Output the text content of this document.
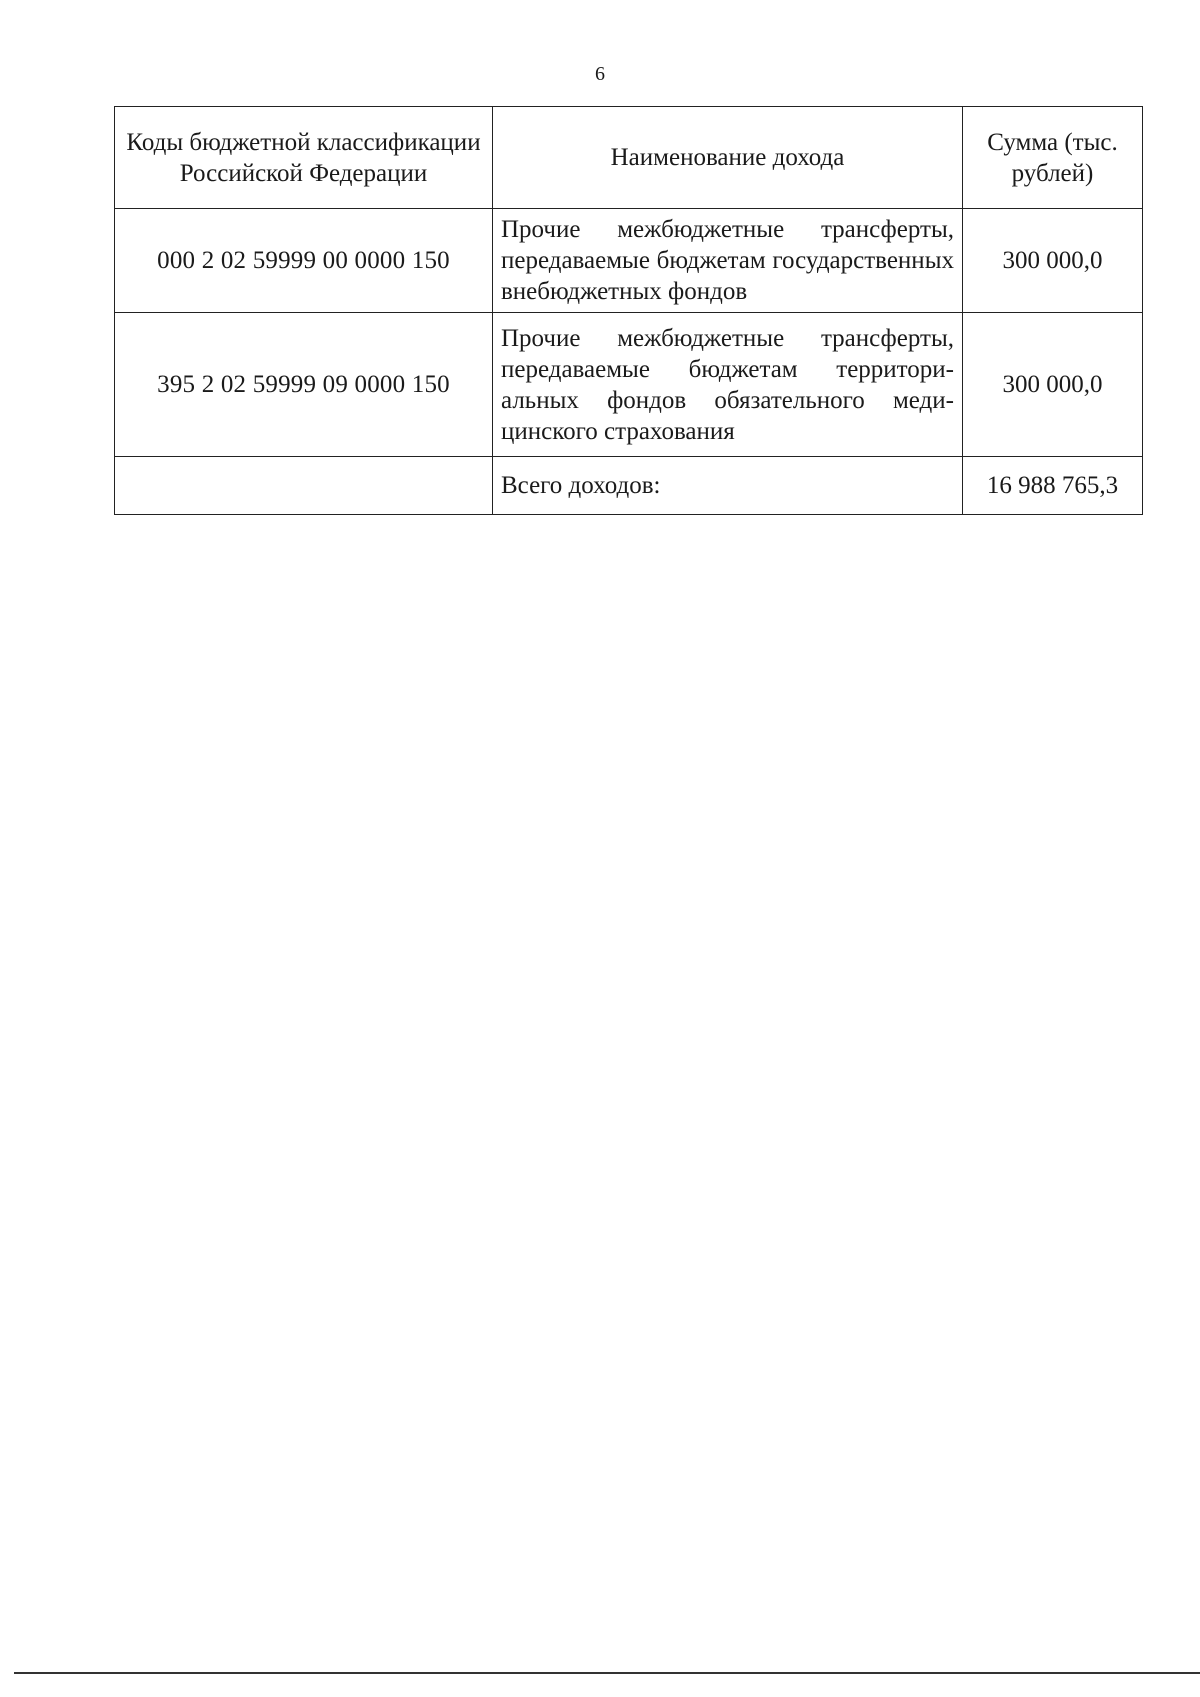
6
Коды бюджетной классификации Российской Федерации	Наименование дохода	Сумма (тыс. рублей)
000 2 02 59999 00 0000 150	Прочие межбюджетные трансферты, передаваемые бюджетам государственных внебюджетных фондов	300 000,0
395 2 02 59999 09 0000 150	Прочие межбюджетные трансферты, передаваемые бюджетам территориальных фондов обязательного медицинского страхования	300 000,0
	Всего доходов:	16 988 765,3
